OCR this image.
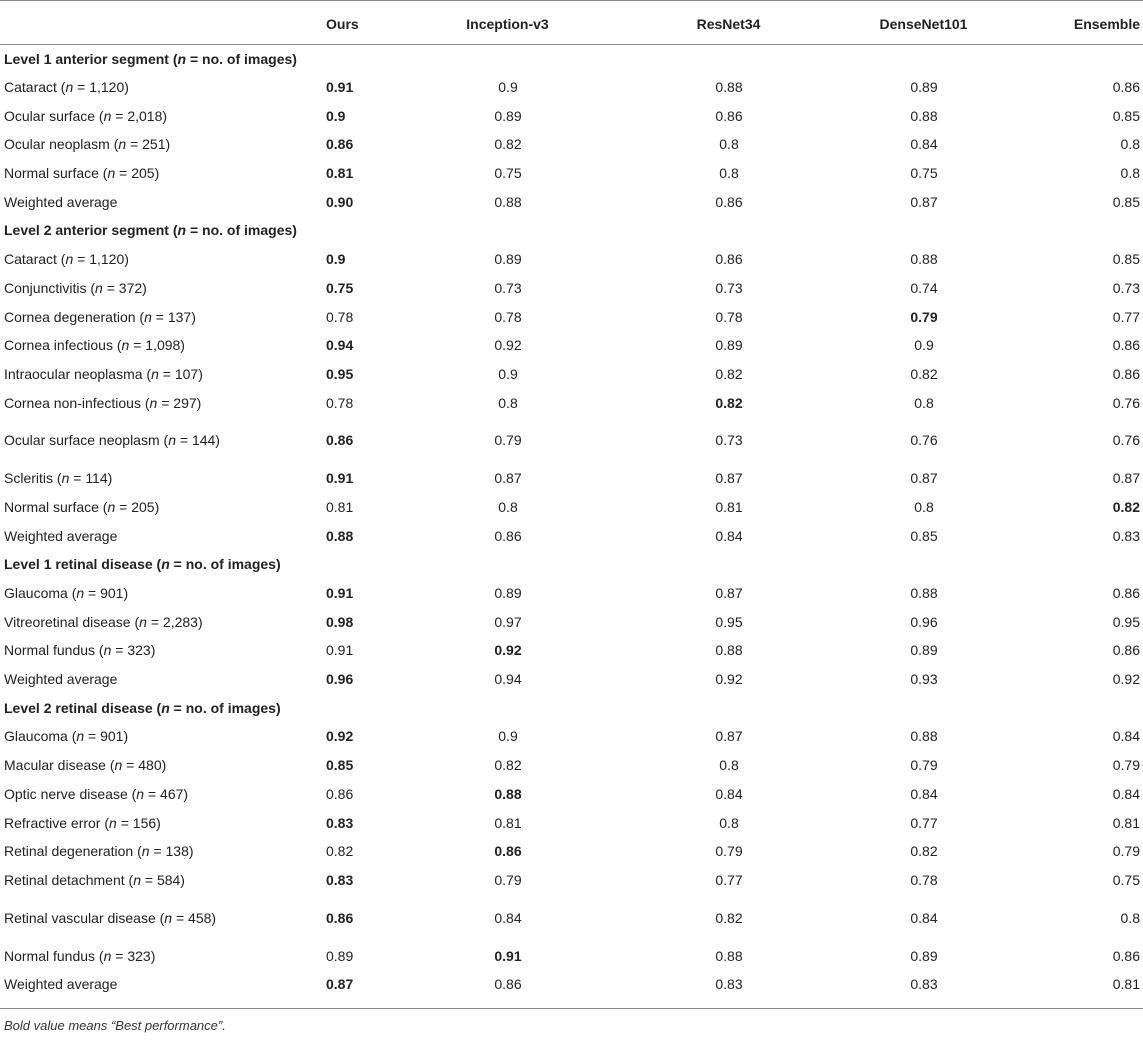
	Ours	Inception-v3	ResNet34	DenseNet101	Ensemble
Level 1 anterior segment (n = no. of images)					
Cataract (n = 1,120)	0.91	0.9	0.88	0.89	0.86
Ocular surface (n = 2,018)	0.9	0.89	0.86	0.88	0.85
Ocular neoplasm (n = 251)	0.86	0.82	0.8	0.84	0.8
Normal surface (n = 205)	0.81	0.75	0.8	0.75	0.8
Weighted average	0.90	0.88	0.86	0.87	0.85
Level 2 anterior segment (n = no. of images)					
Cataract (n = 1,120)	0.9	0.89	0.86	0.88	0.85
Conjunctivitis (n = 372)	0.75	0.73	0.73	0.74	0.73
Cornea degeneration (n = 137)	0.78	0.78	0.78	0.79	0.77
Cornea infectious (n = 1,098)	0.94	0.92	0.89	0.9	0.86
Intraocular neoplasma (n = 107)	0.95	0.9	0.82	0.82	0.86
Cornea non-infectious (n = 297)	0.78	0.8	0.82	0.8	0.76
Ocular surface neoplasm (n = 144)	0.86	0.79	0.73	0.76	0.76
Scleritis (n = 114)	0.91	0.87	0.87	0.87	0.87
Normal surface (n = 205)	0.81	0.8	0.81	0.8	0.82
Weighted average	0.88	0.86	0.84	0.85	0.83
Level 1 retinal disease (n = no. of images)					
Glaucoma (n = 901)	0.91	0.89	0.87	0.88	0.86
Vitreoretinal disease (n = 2,283)	0.98	0.97	0.95	0.96	0.95
Normal fundus (n = 323)	0.91	0.92	0.88	0.89	0.86
Weighted average	0.96	0.94	0.92	0.93	0.92
Level 2 retinal disease (n = no. of images)					
Glaucoma (n = 901)	0.92	0.9	0.87	0.88	0.84
Macular disease (n = 480)	0.85	0.82	0.8	0.79	0.79
Optic nerve disease (n = 467)	0.86	0.88	0.84	0.84	0.84
Refractive error (n = 156)	0.83	0.81	0.8	0.77	0.81
Retinal degeneration (n = 138)	0.82	0.86	0.79	0.82	0.79
Retinal detachment (n = 584)	0.83	0.79	0.77	0.78	0.75
Retinal vascular disease (n = 458)	0.86	0.84	0.82	0.84	0.8
Normal fundus (n = 323)	0.89	0.91	0.88	0.89	0.86
Weighted average	0.87	0.86	0.83	0.83	0.81
Bold value means “Best performance”.
